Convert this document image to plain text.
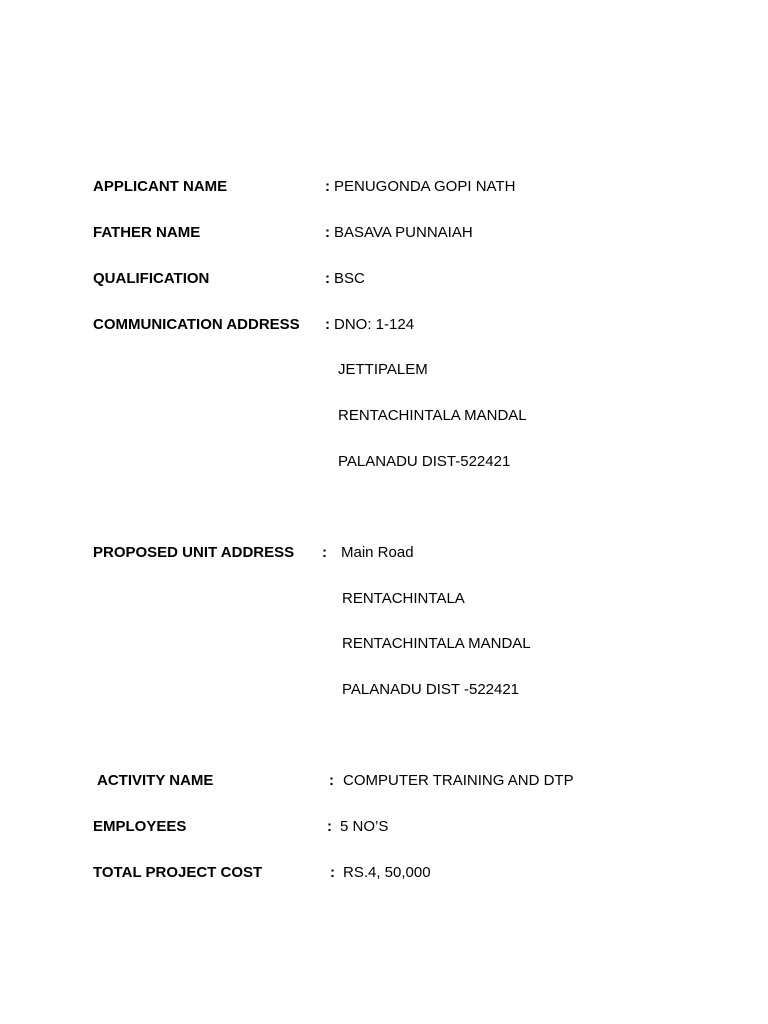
APPLICANT NAME	: PENUGONDA GOPI NATH
FATHER NAME	: BASAVA PUNNAIAH
QUALIFICATION	: BSC
COMMUNICATION ADDRESS : DNO: 1-124
JETTIPALEM
RENTACHINTALA MANDAL
PALANADU DIST-522421
PROPOSED UNIT ADDRESS : Main Road
RENTACHINTALA
RENTACHINTALA MANDAL
PALANADU DIST -522421
ACTIVITY NAME	: COMPUTER TRAINING AND DTP
EMPLOYEES	: 5 NO’S
TOTAL PROJECT COST	: RS.4, 50,000
